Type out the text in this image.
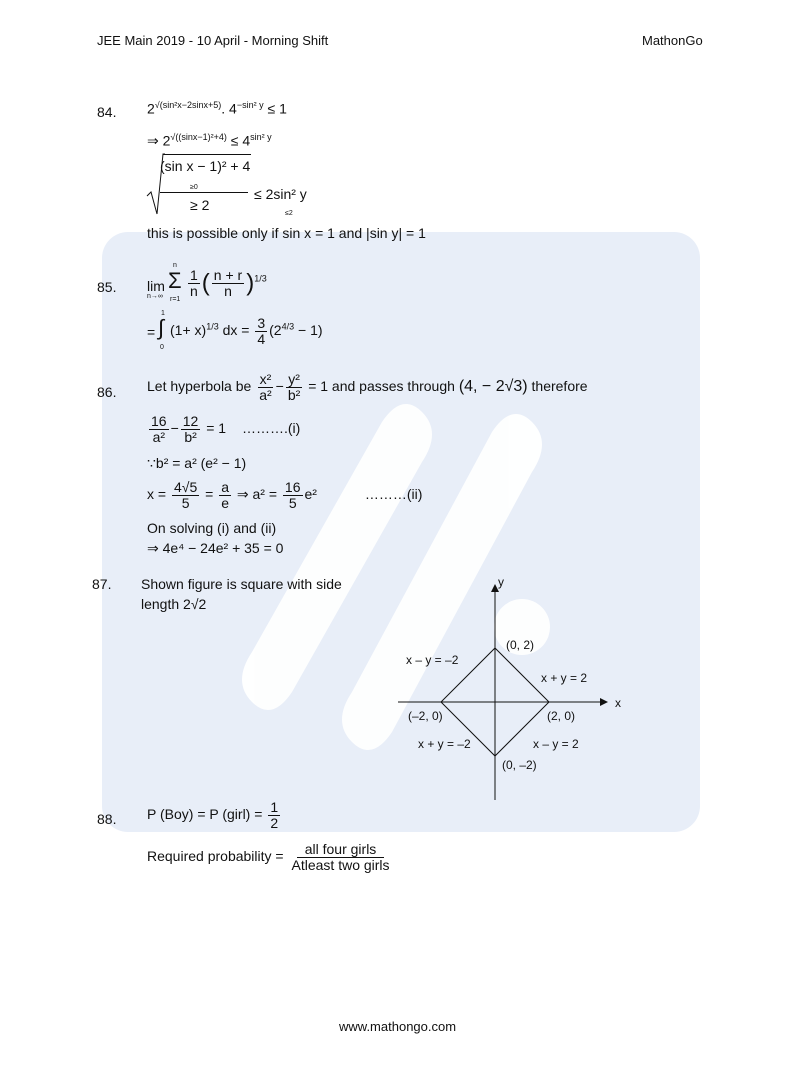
JEE Main 2019 - 10 April - Morning Shift	MathonGo
84. $2^{√(sin^2x-2sinx+5)}$. $4^{-sin^2 y} \le 1$
⇒ $2^{√((sinx-1)^2+4)} \le 4^{sin^2 y}$
(sin x − 1)² + 4
≥0
≥ 2
≤ 2sin² y
≤2
this is possible only if sin x = 1 and |sin y| = 1
85. lim
n→∞
n
Σ
r=1
$\frac{1}{n}$ ( $\frac{n + r}{n} )^{1/3}$
=
1
∫
0
$(1+ x)^{1/3}$ dx = $\frac{3}{4} (2^{4/3} - 1)$
86. Let hyperbola be $\frac{\text{x²}}{\text{a²}} - \frac{\text{y²}}{\text{b²}} = 1$ and passes through (4, − 2√3) therefore
$\frac{16}{\text{a²}} - \frac{12}{\text{b²}} = 1$ ……….(i)
∵b² = a² (e² − 1)
$x = \frac{4√5}{5} = \frac{a}{e}$ ⇒ $a^2 = \frac{16}{5} e^2$	………(ii)
On solving (i) and (ii)
⇒ 4e⁴ − 24e² + 35 = 0
87. Shown figure is square with side
length 2√2
y
x
(0, 2)
(–2, 0)	(2, 0)
(0, –2)
x – y = –2
x + y = 2
x + y = –2	x – y = 2
88. P (Boy) = P (girl) = $\frac{1}{2}$
Required probability = $\frac{\text{all four girls}}{\text{Atleast two girls}}$
www.mathongo.com
